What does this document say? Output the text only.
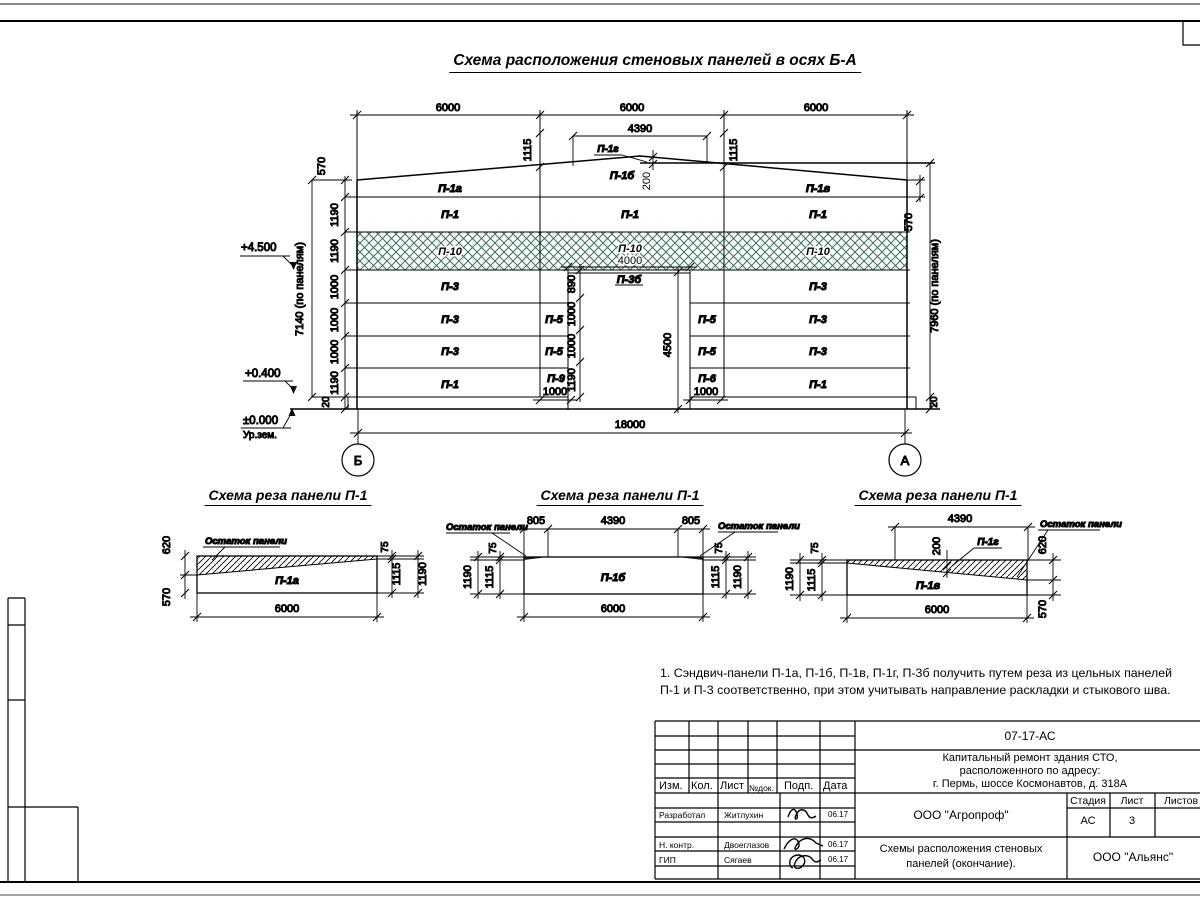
6000	6000	6000
4390
1115	1115
200
П-1г
П-1а
П-1б
П-1в
П-1	П-1	П-1
П-10	П-10	П-10
4000
П-3
П-3б
П-3
П-3	П-5	П-5	П-3
П-3	П-5	П-5	П-3
П-1	П-9	П-6	П-1
1000	1000
570
1190
1190
1000
1000
1000
1190
20
7140 (по панелям)	890
1000
1000
1190
4500
570
7960 (по панелям)
20
+4.500
+0.400
±0.000
Ур.зем.
18000
Б	А
Остаток панели
620
570
П-1а
75
1115 1190
6000
805	4390	805
Остаток панели	Остаток панели
П-1б
1190 1115
75
1115 1190
75
6000
4390	Остаток панели
200	П-1г
П-1в
1190 1115
75	620
570
6000
Схема расположения стеновых панелей в осях Б-А
Схема реза панели П-1	Схема реза панели П-1	Схема реза панели П-1
1. Сэндвич-панели П-1а, П-1б, П-1в, П-1г, П-3б получить путем реза из цельных панелей
П-1 и П-3 соответственно, при этом учитывать направление раскладки и стыкового шва.
Изм. Кол. Лист №док. Подп. Дата
Разработал Житлухин	06.17
Н. контр.	Двоеглазов	06.17
ГИП	Сягаев	06.17
07-17-АС
Капитальный ремонт здания СТО,
расположенного по адресу:
г. Пермь, шоссе Космонавтов, д. 318А
ООО "Агропроф"
Стадия Лист Листов
АС	3
Схемы расположения стеновых
панелей (окончание).	ООО "Альянс"
